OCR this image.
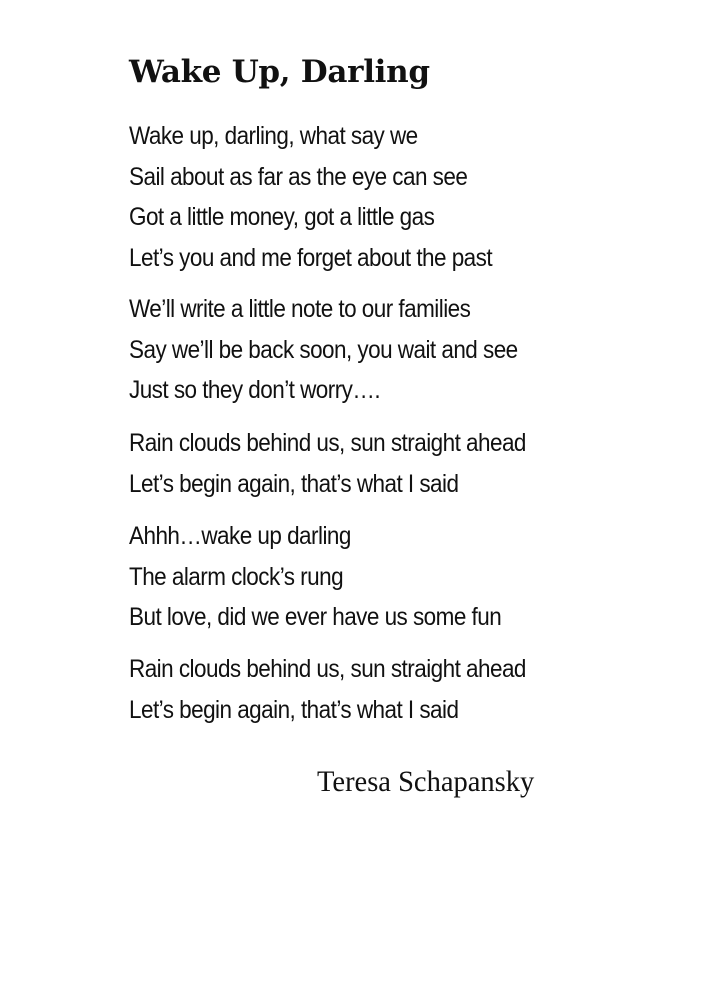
Wake Up, Darling
Wake up, darling, what say we
Sail about as far as the eye can see
Got a little money, got a little gas
Let’s you and me forget about the past
We’ll write a little note to our families
Say we’ll be back soon, you wait and see
Just so they don’t worry….
Rain clouds behind us, sun straight ahead
Let’s begin again, that’s what I said
Ahhh…wake up darling
The alarm clock’s rung
But love, did we ever have us some fun
Rain clouds behind us, sun straight ahead
Let’s begin again, that’s what I said

Teresa Schapansky
